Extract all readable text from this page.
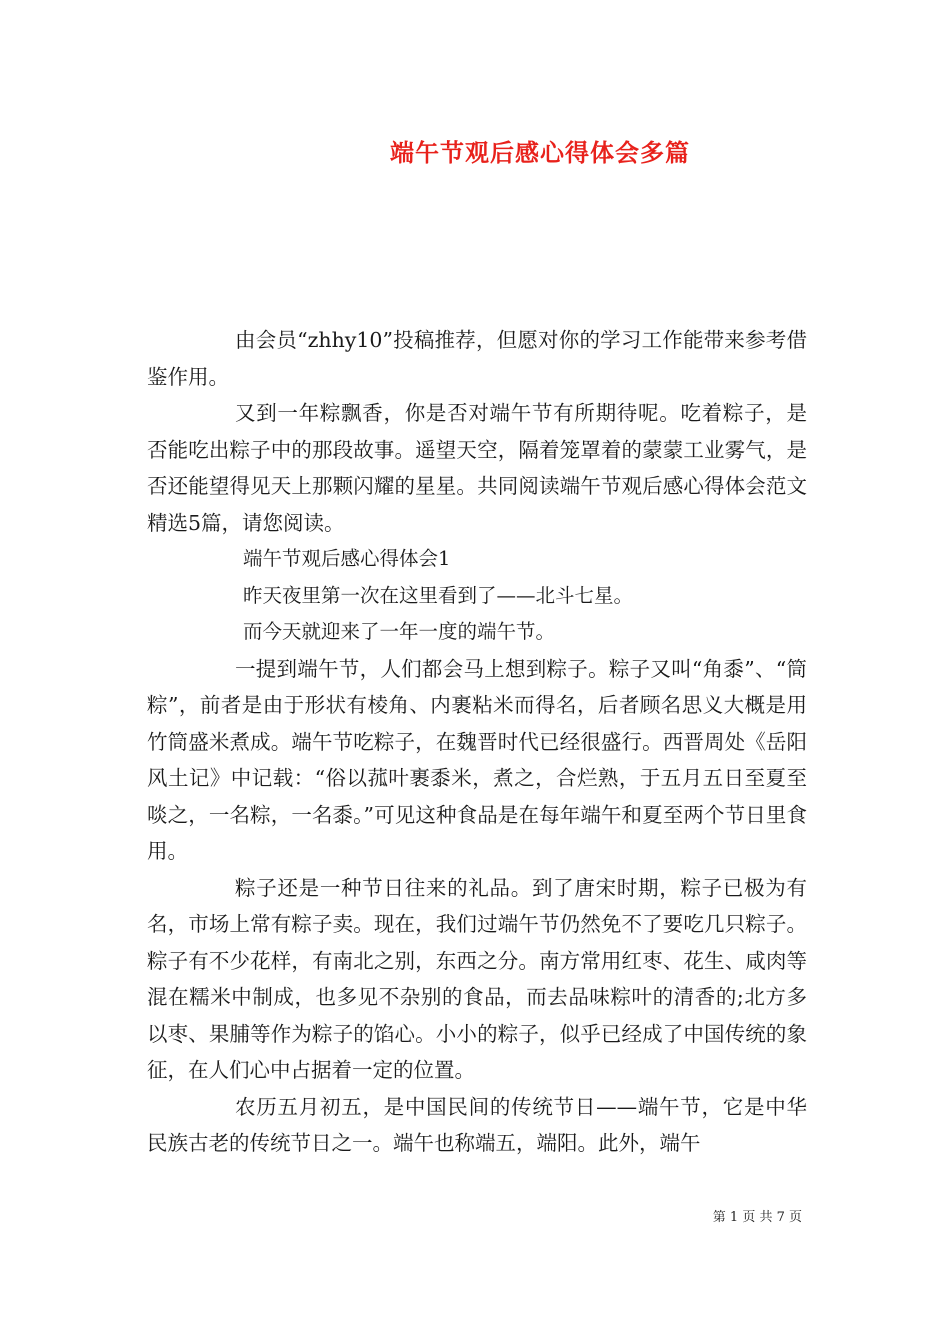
端午节观后感心得体会多篇

由会员“zhhy10”投稿推荐，但愿对你的学习工作能带来参考借鉴作用。

又到一年粽飘香，你是否对端午节有所期待呢。吃着粽子，是否能吃出粽子中的那段故事。遥望天空，隔着笼罩着的蒙蒙工业雾气，是否还能望得见天上那颗闪耀的星星。共同阅读端午节观后感心得体会范文精选5篇，请您阅读。

端午节观后感心得体会1

昨天夜里第一次在这里看到了——北斗七星。

而今天就迎来了一年一度的端午节。

一提到端午节，人们都会马上想到粽子。粽子又叫“角黍”、“筒粽”，前者是由于形状有棱角、内裹粘米而得名，后者顾名思义大概是用竹筒盛米煮成。端午节吃粽子，在魏晋时代已经很盛行。西晋周处《岳阳风土记》中记载：“俗以菰叶裹黍米，煮之，合烂熟，于五月五日至夏至啖之，一名粽，一名黍。”可见这种食品是在每年端午和夏至两个节日里食用。

粽子还是一种节日往来的礼品。到了唐宋时期，粽子已极为有名，市场上常有粽子卖。现在，我们过端午节仍然免不了要吃几只粽子。粽子有不少花样，有南北之别，东西之分。南方常用红枣、花生、咸肉等混在糯米中制成，也多见不杂别的食品，而去品味粽叶的清香的;北方多以枣、果脯等作为粽子的馅心。小小的粽子，似乎已经成了中国传统的象征，在人们心中占据着一定的位置。

农历五月初五，是中国民间的传统节日——端午节，它是中华民族古老的传统节日之一。端午也称端五，端阳。此外，端午

第 1 页 共 7 页
